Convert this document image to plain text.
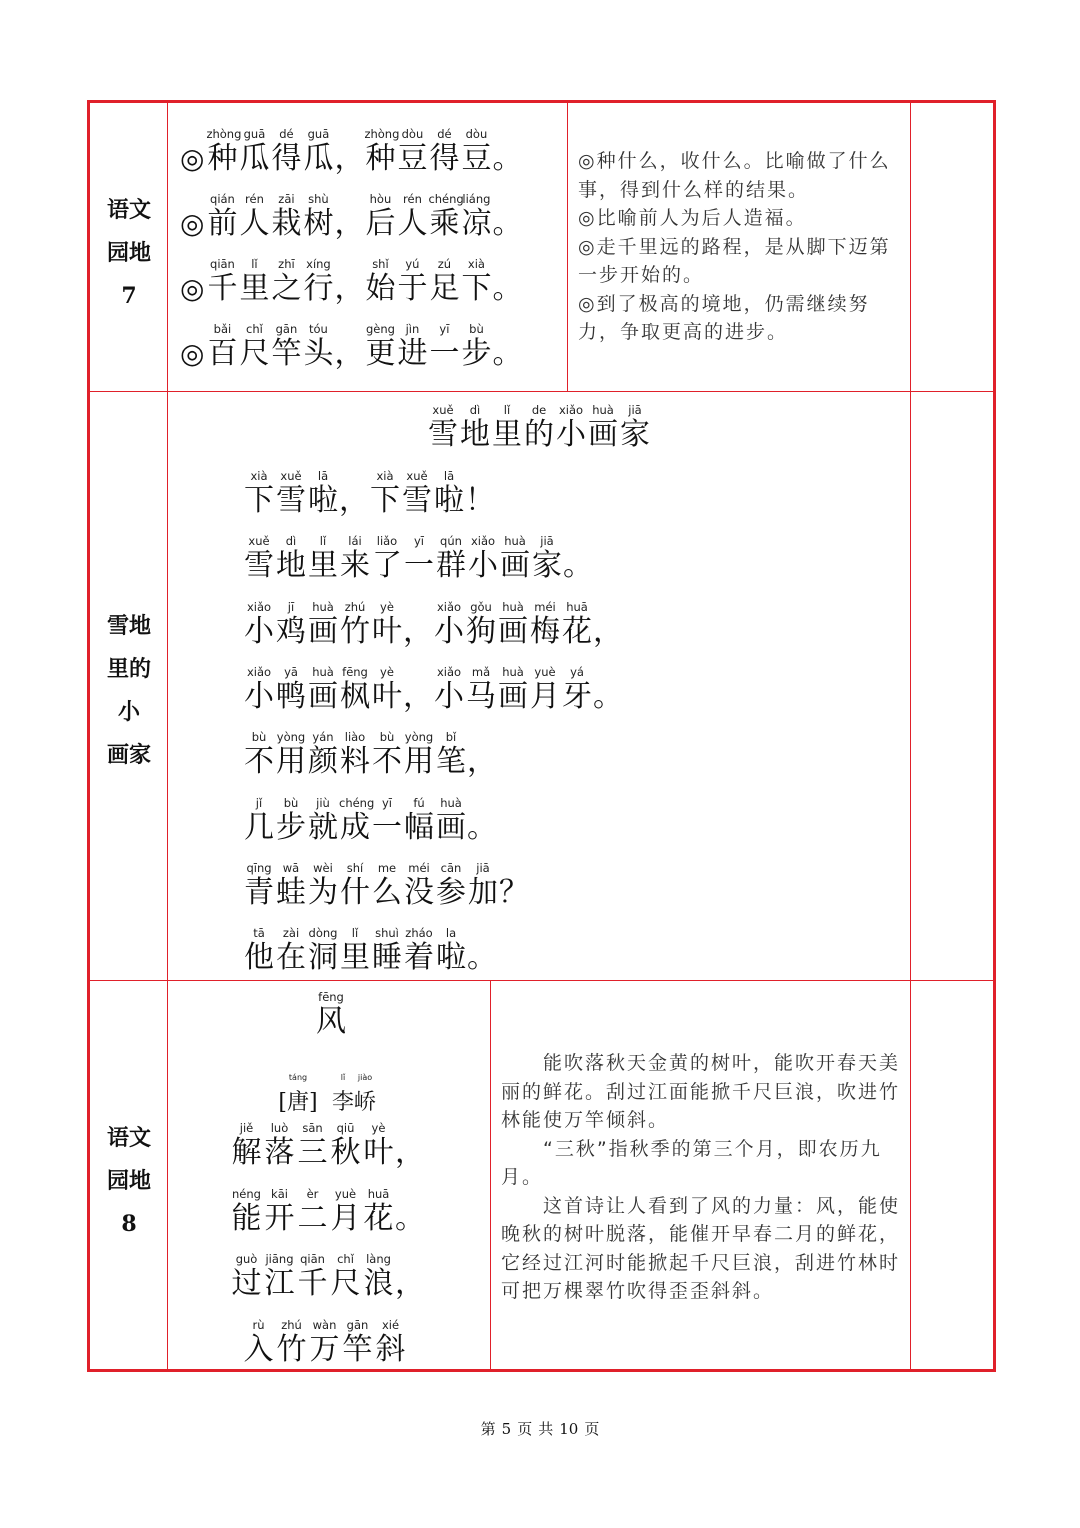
语文
园地
7
雪地
里的
小
画家
语文
园地
8
◎
zhòng
种
guā
瓜
dé
得
guā
瓜 ，
zhòng
种
dòu
豆
dé
得
dòu
豆 。
◎
qián
前
rén
人
zāi
栽
shù
树 ，
hòu
后
rén
人
chéng
乘
liáng
凉 。
◎
qiān
千
lǐ
里
zhī
之
xíng
行 ，
shǐ
始
yú
于
zú
足
xià
下 。
◎
bǎi
百
chǐ
尺
gān
竿
tóu
头 ，
gèng
更
jìn
进
yī
一
bù
步 。

◎种什么，收什么。比喻做了什么事，得到什么样的结果。

◎比喻前人为后人造福。

◎走千里远的路程，是从脚下迈第一步开始的。

◎到了极高的境地，仍需继续努力，争取更高的进步。

xuě
雪
dì
地
lǐ
里
de
的
xiǎo
小
huà
画
jiā
家
xià
下
xuě
雪
lā
啦 ，
xià
下
xuě
雪
lā
啦 ！
xuě
雪
dì
地
lǐ
里
lái
来
liǎo
了
yī
一
qún
群
xiǎo
小
huà
画
jiā
家 。
xiǎo
小
jī
鸡
huà
画
zhú
竹
yè
叶 ，
xiǎo
小
gǒu
狗
huà
画
méi
梅
huā
花 ，
xiǎo
小
yā
鸭
huà
画
fēng
枫
yè
叶 ，
xiǎo
小
mǎ
马
huà
画
yuè
月
yá
牙 。
bù
不
yòng
用
yán
颜
liào
料
bù
不
yòng
用
bǐ
笔 ，
jǐ
几
bù
步
jiù
就
chéng
成
yī
一
fú
幅
huà
画 。
qīng
青
wā
蛙
wèi
为
shí
什
me
么
méi
没
cān
参
jiā
加 ？
tā
他
zài
在
dòng
洞
lǐ
里
shuì
睡
zháo
着
la
啦 。
fēng
风
táng
[唐]
lǐ
李
jiào
峤
jiě
解
luò
落
sān
三
qiū
秋
yè
叶 ，
néng
能
kāi
开
èr
二
yuè
月
huā
花 。
guò
过
jiāng
江
qiān
千
chǐ
尺
làng
浪 ，
rù
入
zhú
竹
wàn
万
gān
竿
xié
斜

　　能吹落秋天金黄的树叶，能吹开春天美丽的鲜花。刮过江面能掀千尺巨浪，吹进竹林能使万竿倾斜。

　　“三秋”指秋季的第三个月，即农历九月。

　　这首诗让人看到了风的力量：风，能使晚秋的树叶脱落，能催开早春二月的鲜花，它经过江河时能掀起千尺巨浪，刮进竹林时可把万棵翠竹吹得歪歪斜斜。

第 5 页 共 10 页
